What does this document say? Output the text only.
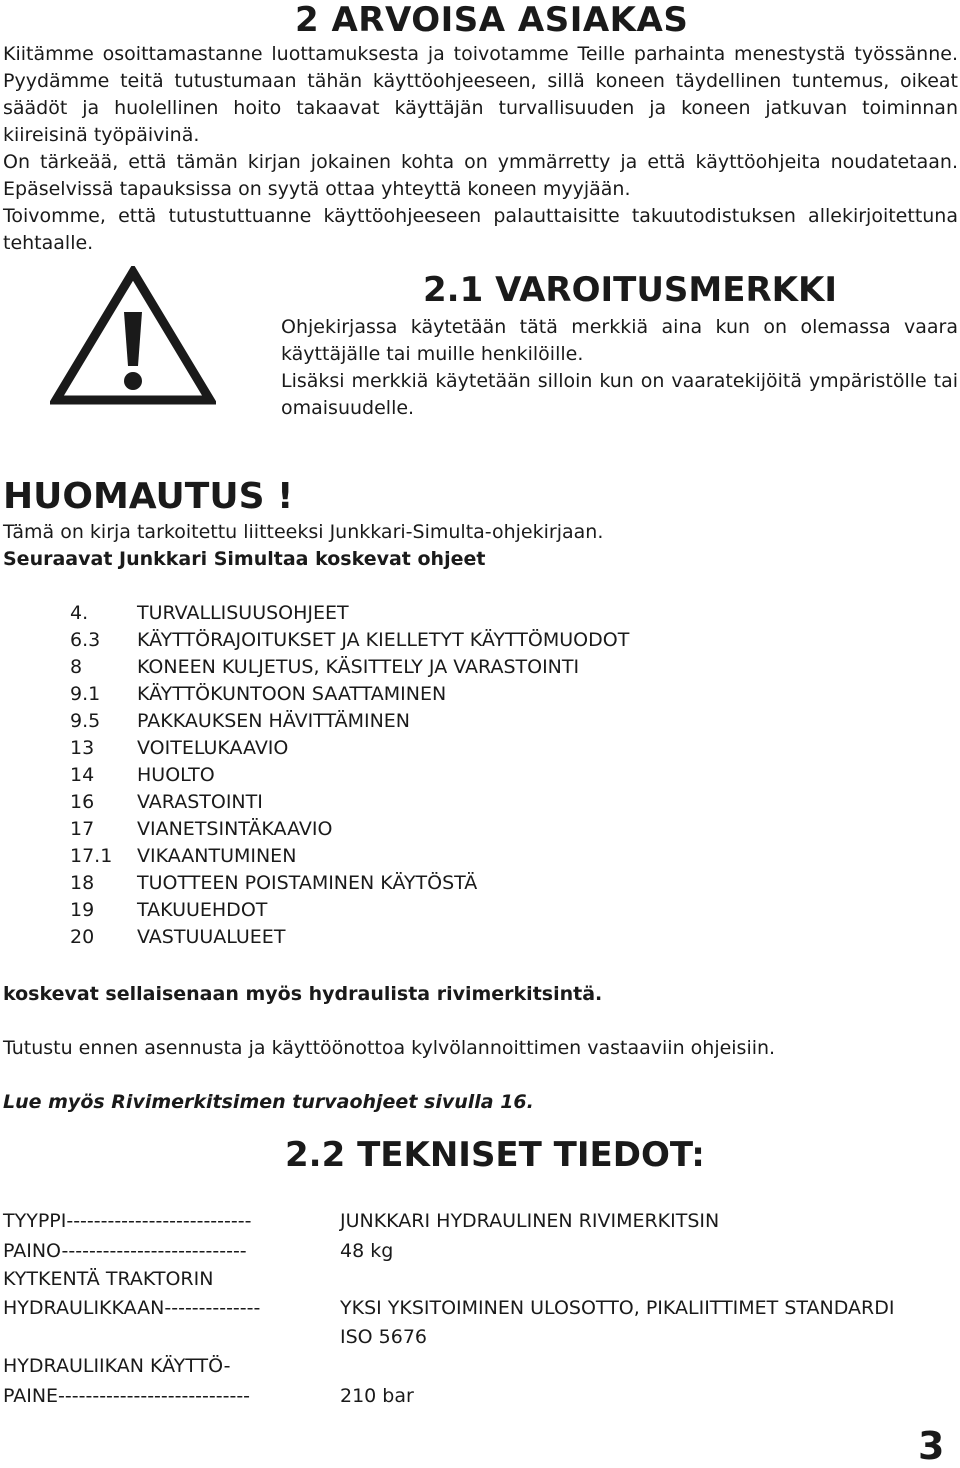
2 ARVOISA ASIAKAS
Kiitämme osoittamastanne luottamuksesta ja toivotamme Teille parhainta menestystä työssänne. Pyydämme teitä tutustumaan tähän käyttöohjeeseen, sillä koneen täydellinen tuntemus, oikeat säädöt ja huolellinen hoito takaavat käyttäjän turvallisuuden ja koneen jatkuvan toiminnan kiireisinä työpäivinä.
On tärkeää, että tämän kirjan jokainen kohta on ymmärretty ja että käyttöohjeita noudatetaan. Epäselvissä tapauksissa on syytä ottaa yhteyttä koneen myyjään.
Toivomme, että tutustuttuanne käyttöohjeeseen palauttaisitte takuutodistuksen allekirjoitettuna tehtaalle.
2.1 VAROITUSMERKKI
Ohjekirjassa käytetään tätä merkkiä aina kun on olemassa vaara käyttäjälle tai muille henkilöille.
Lisäksi merkkiä käytetään silloin kun on vaaratekijöitä ympäristölle tai omaisuudelle.
HUOMAUTUS !
Tämä on kirja tarkoitettu liitteeksi Junkkari-Simulta-ohjekirjaan.
Seuraavat Junkkari Simultaa koskevat ohjeet
4.	TURVALLISUUSOHJEET
6.3 KÄYTTÖRAJOITUKSET JA KIELLETYT KÄYTTÖMUODOT
8	KONEEN KULJETUS, KÄSITTELY JA VARASTOINTI
9.1 KÄYTTÖKUNTOON SAATTAMINEN
9.5 PAKKAUKSEN HÄVITTÄMINEN
13 VOITELUKAAVIO
14 HUOLTO
16 VARASTOINTI
17 VIANETSINTÄKAAVIO
17.1 VIKAANTUMINEN
18 TUOTTEEN POISTAMINEN KÄYTÖSTÄ
19 TAKUUEHDOT
20 VASTUUALUEET
koskevat sellaisenaan myös hydraulista rivimerkitsintä.
Tutustu ennen asennusta ja käyttöönottoa kylvölannoittimen vastaaviin ohjeisiin.
Lue myös Rivimerkitsimen turvaohjeet sivulla 16.
2.2 TEKNISET TIEDOT:
TYYPPI---------------------------	JUNKKARI HYDRAULINEN RIVIMERKITSIN
PAINO---------------------------	48 kg
KYTKENTÄ TRAKTORIN
HYDRAULIKKAAN--------------	YKSI YKSITOIMINEN ULOSOTTO, PIKALIITTIMET STANDARDI
ISO 5676
HYDRAULIIKAN KÄYTTÖ-
PAINE----------------------------	210 bar
3
